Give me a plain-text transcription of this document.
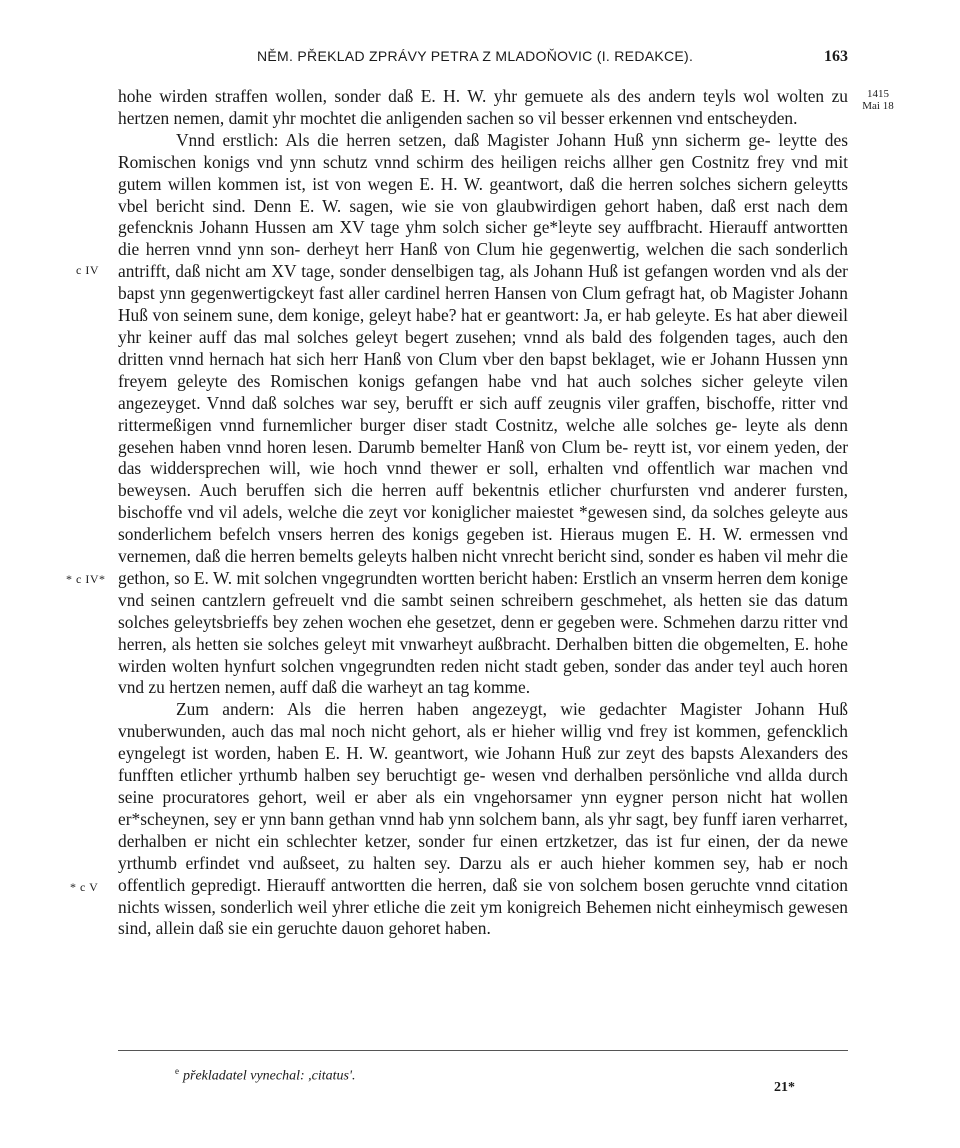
NĚM. PŘEKLAD ZPRÁVY PETRA Z MLADOŇOVIC (I. REDAKCE).	163
1415
Mai 18
c IV
* c IV*
* c V

hohe wirden straffen wollen, sonder daß E. H. W. yhr gemuete als des andern teyls wol wolten zu hertzen nemen, damit yhr mochtet die anligenden sachen so vil besser erkennen vnd entscheyden.

Vnnd erstlich: Als die herren setzen, daß Magister Johann Huß ynn sicherm ge- leytte des Romischen konigs vnd ynn schutz vnnd schirm des heiligen reichs allher gen Costnitz frey vnd mit gutem willen kommen ist, ist von wegen E. H. W. geantwort, daß die herren solches sichern geleytts vbel bericht sind. Denn E. W. sagen, wie sie von glaubwirdigen gehort haben, daß erst nach dem gefencknis Johann Hussen am XV tage yhm solch sicher ge*leyte sey auffbracht. Hierauff antwortten die herren vnnd ynn son- derheyt herr Hanß von Clum hie gegenwertig, welchen die sach sonderlich antrifft, daß nicht am XV tage, sonder denselbigen tag, als Johann Huß ist gefangen worden vnd als der bapst ynn gegenwertigckeyt fast aller cardinel herren Hansen von Clum gefragt hat, ob Magister Johann Huß von seinem sune, dem konige, geleyt habe? hat er geantwort: Ja, er hab geleyte. Es hat aber dieweil yhr keiner auff das mal solches geleyt begert zusehen; vnnd als bald des folgenden tages, auch den dritten vnnd hernach hat sich herr Hanß von Clum vber den bapst beklaget, wie er Johann Hussen ynn freyem geleyte des Romischen konigs gefangen habe vnd hat auch solches sicher geleyte vilen angezeyget. Vnnd daß solches war sey, berufft er sich auff zeugnis viler graffen, bischoffe, ritter vnd rittermeßigen vnnd furnemlicher burger diser stadt Costnitz, welche alle solches ge- leyte als denn gesehen haben vnnd horen lesen. Darumb bemelter Hanß von Clum be- reytt ist, vor einem yeden, der das widdersprechen will, wie hoch vnnd thewer er soll, erhalten vnd offentlich war machen vnd beweysen. Auch beruffen sich die herren auff bekentnis etlicher churfursten vnd anderer fursten, bischoffe vnd vil adels, welche die zeyt vor koniglicher maiestet *gewesen sind, da solches geleyte aus sonderlichem befelch vnsers herren des konigs gegeben ist. Hieraus mugen E. H. W. ermessen vnd vernemen, daß die herren bemelts geleyts halben nicht vnrecht bericht sind, sonder es haben vil mehr die gethon, so E. W. mit solchen vngegrundten wortten bericht haben: Erstlich an vnserm herren dem konige vnd seinen cantzlern gefreuelt vnd die sambt seinen schreibern geschmehet, als hetten sie das datum solches geleytsbrieffs bey zehen wochen ehe gesetzet, denn er gegeben were. Schmehen darzu ritter vnd herren, als hetten sie solches geleyt mit vnwarheyt außbracht. Derhalben bitten die obgemelten, E. hohe wirden wolten hynfurt solchen vngegrundten reden nicht stadt geben, sonder das ander teyl auch horen vnd zu hertzen nemen, auff daß die warheyt an tag komme.

Zum andern: Als die herren haben angezeygt, wie gedachter Magister Johann Huß vnuberwunden, auch das mal noch nicht gehort, als er hieher willig vnd frey ist kommen, gefencklich eyngelegt ist worden, haben E. H. W. geantwort, wie Johann Huß zur zeyt des bapsts Alexanders des funfften etlicher yrthumb halben sey beruchtigt ge- wesen vnd derhalben persönliche vnd allda durch seine procuratores gehort, weil er aber als ein vngehorsamer ynn eygner person nicht hat wollen er*scheynen, sey er ynn bann gethan vnnd hab ynn solchem bann, als yhr sagt, bey funff iaren verharret, derhalben er nicht ein schlechter ketzer, sonder fur einen ertzketzer, das ist fur einen, der da newe yrthumb erfindet vnd außseet, zu halten sey. Darzu als er auch hieher kommen sey, hab er noch offentlich gepredigt. Hierauff antwortten die herren, daß sie von solchem bosen geruchte vnnd citation nichts wissen, sonderlich weil yhrer etliche die zeit ym konigreich Behemen nicht einheymisch gewesen sind, allein daß sie ein geruchte dauon gehoret haben.

$^e$ překladatel vynechal: ,citatus'.
21*
